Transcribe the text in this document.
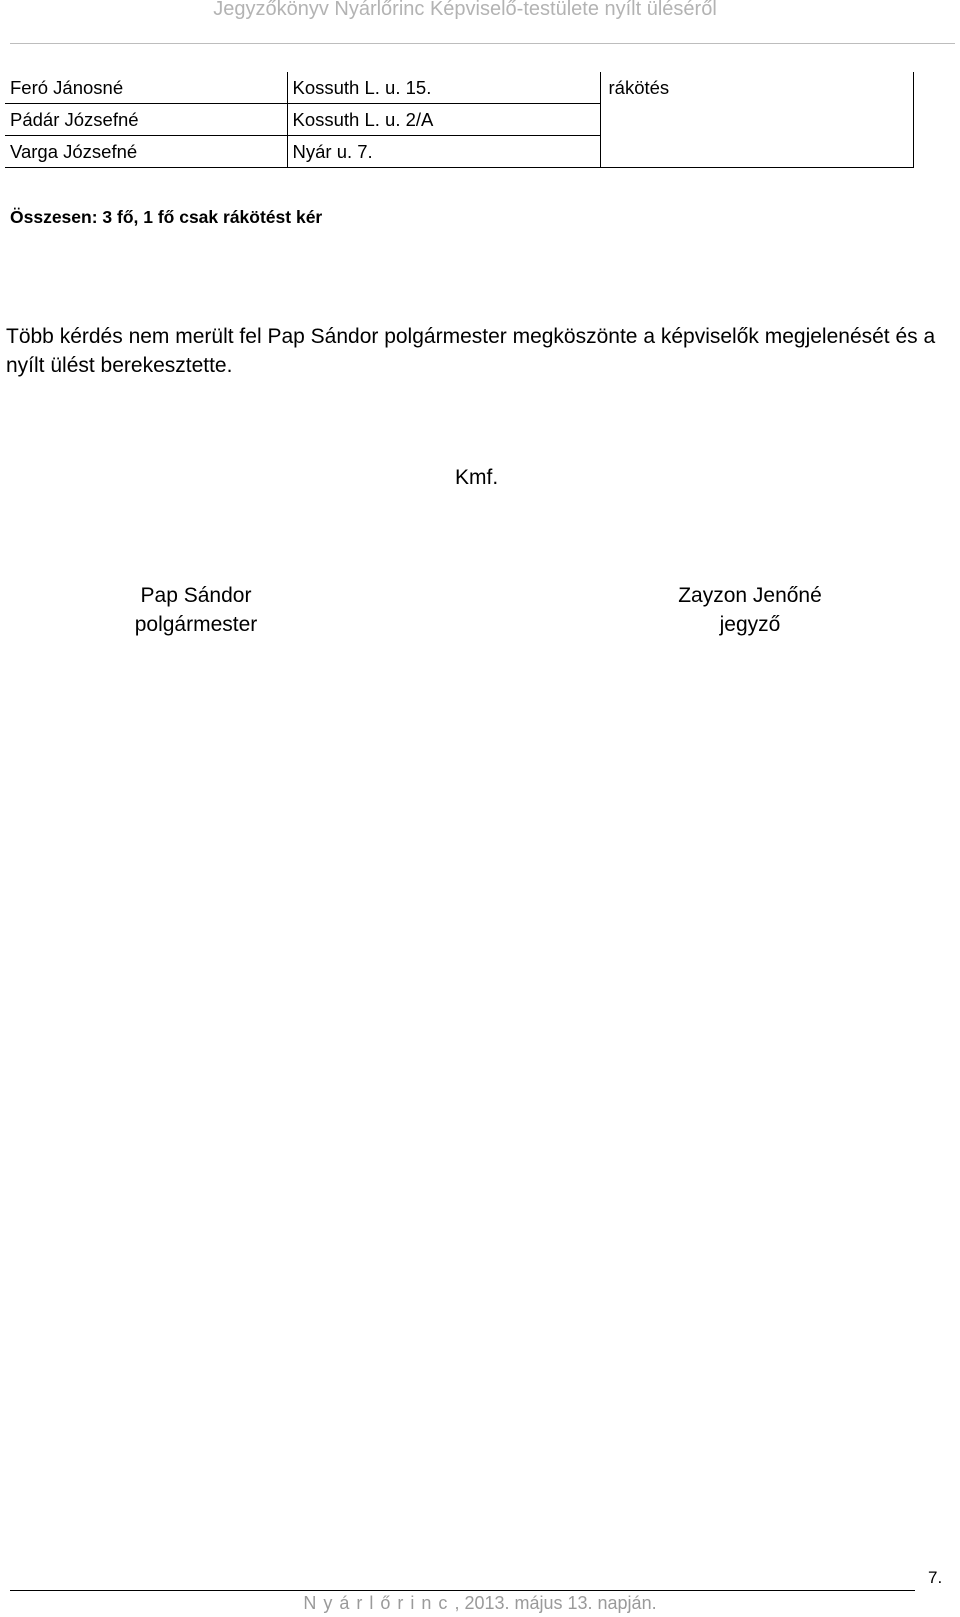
Jegyzőkönyv Nyárlőrinc Képviselő-testülete nyílt üléséről
Feró Jánosné	Kossuth L. u. 15.	rákötés
Pádár Józsefné	Kossuth L. u. 2/A	
Varga Józsefné	Nyár u. 7.	
Összesen: 3 fő, 1 fő csak rákötést kér
Több kérdés nem merült fel Pap Sándor polgármester megköszönte a képviselők megjelenését és a nyílt ülést berekesztette.
Kmf.
Pap Sándor
polgármester
Zayzon Jenőné
jegyző
7.
Nyárlőrinc, 2013. május 13. napján.
